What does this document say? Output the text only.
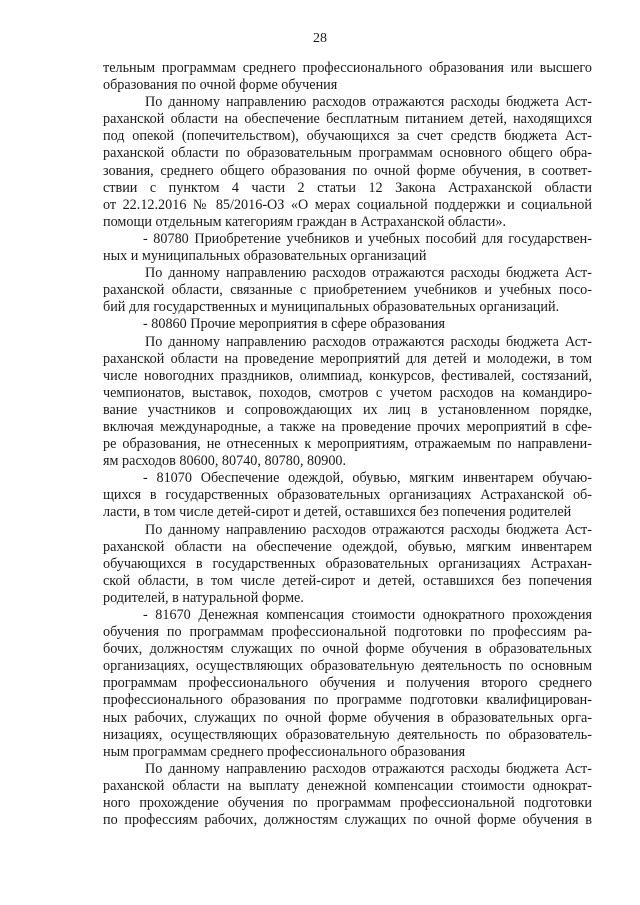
28
тельным программам среднего профессионального образования или высшего
образования по очной форме обучения
По данному направлению расходов отражаются расходы бюджета Аст-
раханской области на обеспечение бесплатным питанием детей, находящихся
под опекой (попечительством), обучающихся за счет средств бюджета Аст-
раханской области по образовательным программам основного общего обра-
зования, среднего общего образования по очной форме обучения, в соответ-
ствии с пунктом 4 части 2 статьи 12 Закона Астраханской области
от 22.12.2016 № 85/2016-ОЗ «О мерах социальной поддержки и социальной
помощи отдельным категориям граждан в Астраханской области».
- 80780 Приобретение учебников и учебных пособий для государствен-
ных и муниципальных образовательных организаций
По данному направлению расходов отражаются расходы бюджета Аст-
раханской области, связанные с приобретением учебников и учебных посо-
бий для государственных и муниципальных образовательных организаций.
- 80860 Прочие мероприятия в сфере образования
По данному направлению расходов отражаются расходы бюджета Аст-
раханской области на проведение мероприятий для детей и молодежи, в том
числе новогодних праздников, олимпиад, конкурсов, фестивалей, состязаний,
чемпионатов, выставок, походов, смотров с учетом расходов на командиро-
вание участников и сопровождающих их лиц в установленном порядке,
включая международные, а также на проведение прочих мероприятий в сфе-
ре образования, не отнесенных к мероприятиям, отражаемым по направлени-
ям расходов 80600, 80740, 80780, 80900.
- 81070 Обеспечение одеждой, обувью, мягким инвентарем обучаю-
щихся в государственных образовательных организациях Астраханской об-
ласти, в том числе детей-сирот и детей, оставшихся без попечения родителей
По данному направлению расходов отражаются расходы бюджета Аст-
раханской области на обеспечение одеждой, обувью, мягким инвентарем
обучающихся в государственных образовательных организациях Астрахан-
ской области, в том числе детей-сирот и детей, оставшихся без попечения
родителей, в натуральной форме.
- 81670 Денежная компенсация стоимости однократного прохождения
обучения по программам профессиональной подготовки по профессиям ра-
бочих, должностям служащих по очной форме обучения в образовательных
организациях, осуществляющих образовательную деятельность по основным
программам профессионального обучения и получения второго среднего
профессионального образования по программе подготовки квалифицирован-
ных рабочих, служащих по очной форме обучения в образовательных орга-
низациях, осуществляющих образовательную деятельность по образователь-
ным программам среднего профессионального образования
По данному направлению расходов отражаются расходы бюджета Аст-
раханской области на выплату денежной компенсации стоимости однократ-
ного прохождение обучения по программам профессиональной подготовки
по профессиям рабочих, должностям служащих по очной форме обучения в
